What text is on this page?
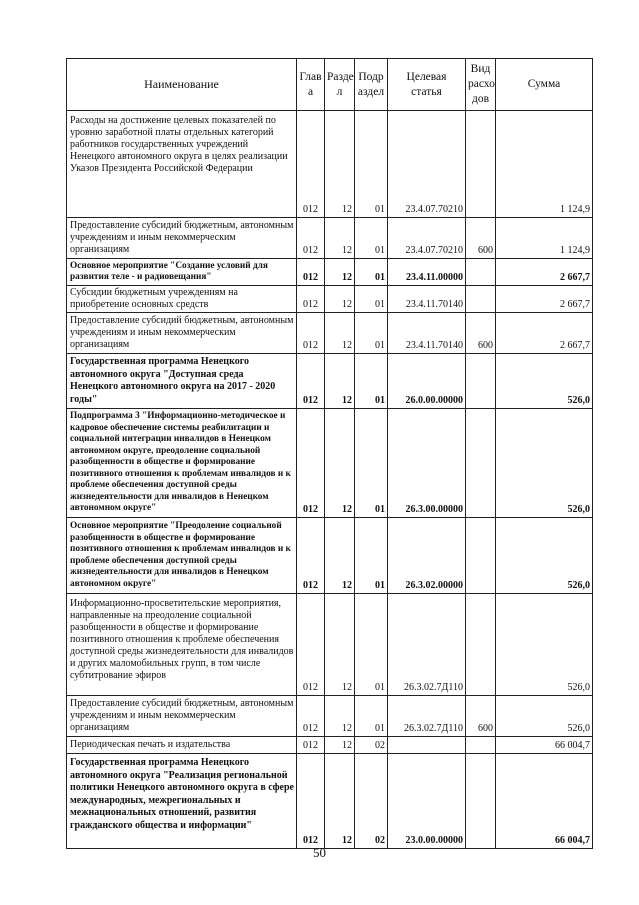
Наименование	Глав а	Разде л	Подр аздел	Целевая статья	Вид расхо дов	Сумма
Расходы на достижение целевых показателей по уровню заработной платы отдельных категорий работников государственных учреждений Ненецкого автономного округа в целях реализации Указов Президента Российской Федерации	012	12	01	23.4.07.70210		1 124,9
Предоставление субсидий бюджетным, автономным учреждениям и иным некоммерческим организациям	012	12	01	23.4.07.70210	600	1 124,9
Основное мероприятие "Создание условий для развития теле - и радиовещания"	012	12	01	23.4.11.00000		2 667,7
Субсидии бюджетным учреждениям на приобретение основных средств	012	12	01	23.4.11.70140		2 667,7
Предоставление субсидий бюджетным, автономным учреждениям и иным некоммерческим организациям	012	12	01	23.4.11.70140	600	2 667,7
Государственная программа Ненецкого автономного округа "Доступная среда Ненецкого автономного округа на 2017 - 2020 годы"	012	12	01	26.0.00.00000		526,0
Подпрограмма 3 "Информационно-методическое и кадровое обеспечение системы реабилитации и социальной интеграции инвалидов в Ненецком автономном округе, преодоление социальной разобщенности в обществе и формирование позитивного отношения к проблемам инвалидов и к проблеме обеспечения доступной среды жизнедеятельности для инвалидов в Ненецком автономном округе"	012	12	01	26.3.00.00000		526,0
Основное мероприятие "Преодоление социальной разобщенности в обществе и формирование позитивного отношения к проблемам инвалидов и к проблеме обеспечения доступной среды жизнедеятельности для инвалидов в Ненецком автономном округе"	012	12	01	26.3.02.00000		526,0
Информационно-просветительские мероприятия, направленные на преодоление социальной разобщенности в обществе и формирование позитивного отношения к проблеме обеспечения доступной среды жизнедеятельности для инвалидов и других маломобильных групп, в том числе субтитрование эфиров	012	12	01	26.3.02.7Д110		526,0
Предоставление субсидий бюджетным, автономным учреждениям и иным некоммерческим организациям	012	12	01	26.3.02.7Д110	600	526,0
Периодическая печать и издательства	012	12	02			66 004,7
Государственная программа Ненецкого автономного округа "Реализация региональной политики Ненецкого автономного округа в сфере международных, межрегиональных и межнациональных отношений, развития гражданского общества и информации"	012	12	02	23.0.00.00000		66 004,7
50
